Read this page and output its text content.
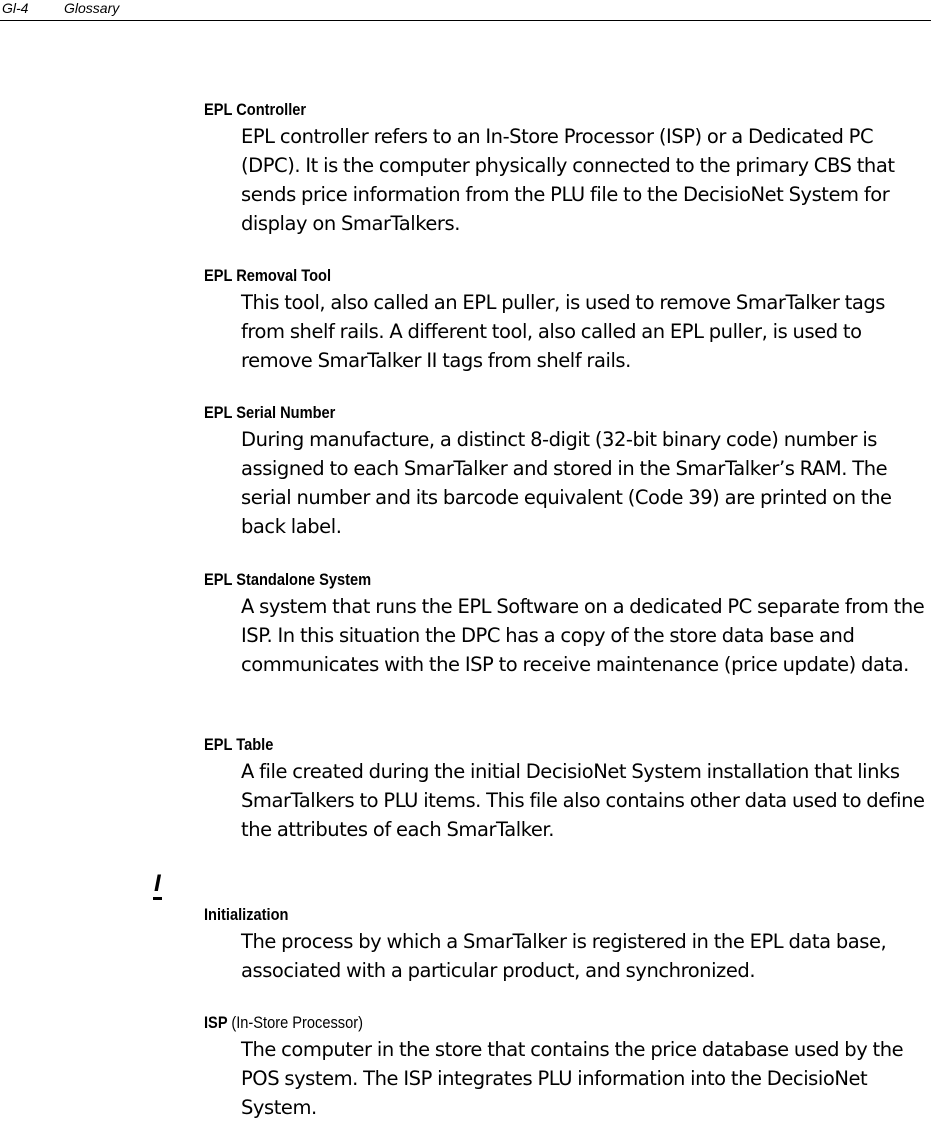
Gl-4	Glossary
EPL Controller
EPL controller refers to an In-Store Processor (ISP) or a Dedicated PC (DPC). It is the computer physically connected to the primary CBS that sends price information from the PLU file to the DecisioNet System for display on SmarTalkers.
EPL Removal Tool
This tool, also called an EPL puller, is used to remove SmarTalker tags from shelf rails. A different tool, also called an EPL puller, is used to remove SmarTalker II tags from shelf rails.
EPL Serial Number
During manufacture, a distinct 8-digit (32-bit binary code) number is assigned to each SmarTalker and stored in the SmarTalker’s RAM. The serial number and its barcode equivalent (Code 39) are printed on the back label.
EPL Standalone System
A system that runs the EPL Software on a dedicated PC separate from the ISP. In this situation the DPC has a copy of the store data base and communicates with the ISP to receive maintenance (price update) data.
EPL Table
A file created during the initial DecisioNet System installation that links SmarTalkers to PLU items. This file also contains other data used to define the attributes of each SmarTalker.
I
Initialization
The process by which a SmarTalker is registered in the EPL data base, associated with a particular product, and synchronized.
ISP (In-Store Processor)
The computer in the store that contains the price database used by the POS system. The ISP integrates PLU information into the DecisioNet System.
